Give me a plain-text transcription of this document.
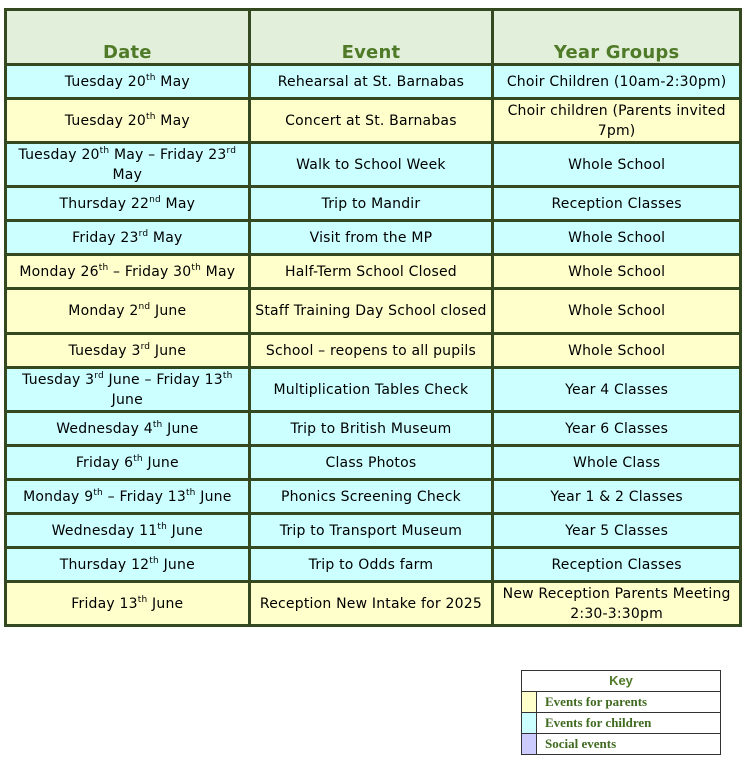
Date	Event	Year Groups
Tuesday 20th May	Rehearsal at St. Barnabas	Choir Children (10am-2:30pm)
Tuesday 20th May	Concert at St. Barnabas	Choir children (Parents invited 7pm)
Tuesday 20th May – Friday 23rd May	Walk to School Week	Whole School
Thursday 22nd May	Trip to Mandir	Reception Classes
Friday 23rd May	Visit from the MP	Whole School
Monday 26th – Friday 30th May	Half-Term School Closed	Whole School
Monday 2nd June	Staff Training Day School closed	Whole School
Tuesday 3rd June	School – reopens to all pupils	Whole School
Tuesday 3rd June – Friday 13th June	Multiplication Tables Check	Year 4 Classes
Wednesday 4th June	Trip to British Museum	Year 6 Classes
Friday 6th June	Class Photos	Whole Class
Monday 9th – Friday 13th June	Phonics Screening Check	Year 1 & 2 Classes
Wednesday 11th June	Trip to Transport Museum	Year 5 Classes
Thursday 12th June	Trip to Odds farm	Reception Classes
Friday 13th June	Reception New Intake for 2025	New Reception Parents Meeting 2:30-3:30pm
Key
Events for parents
Events for children
Social events
